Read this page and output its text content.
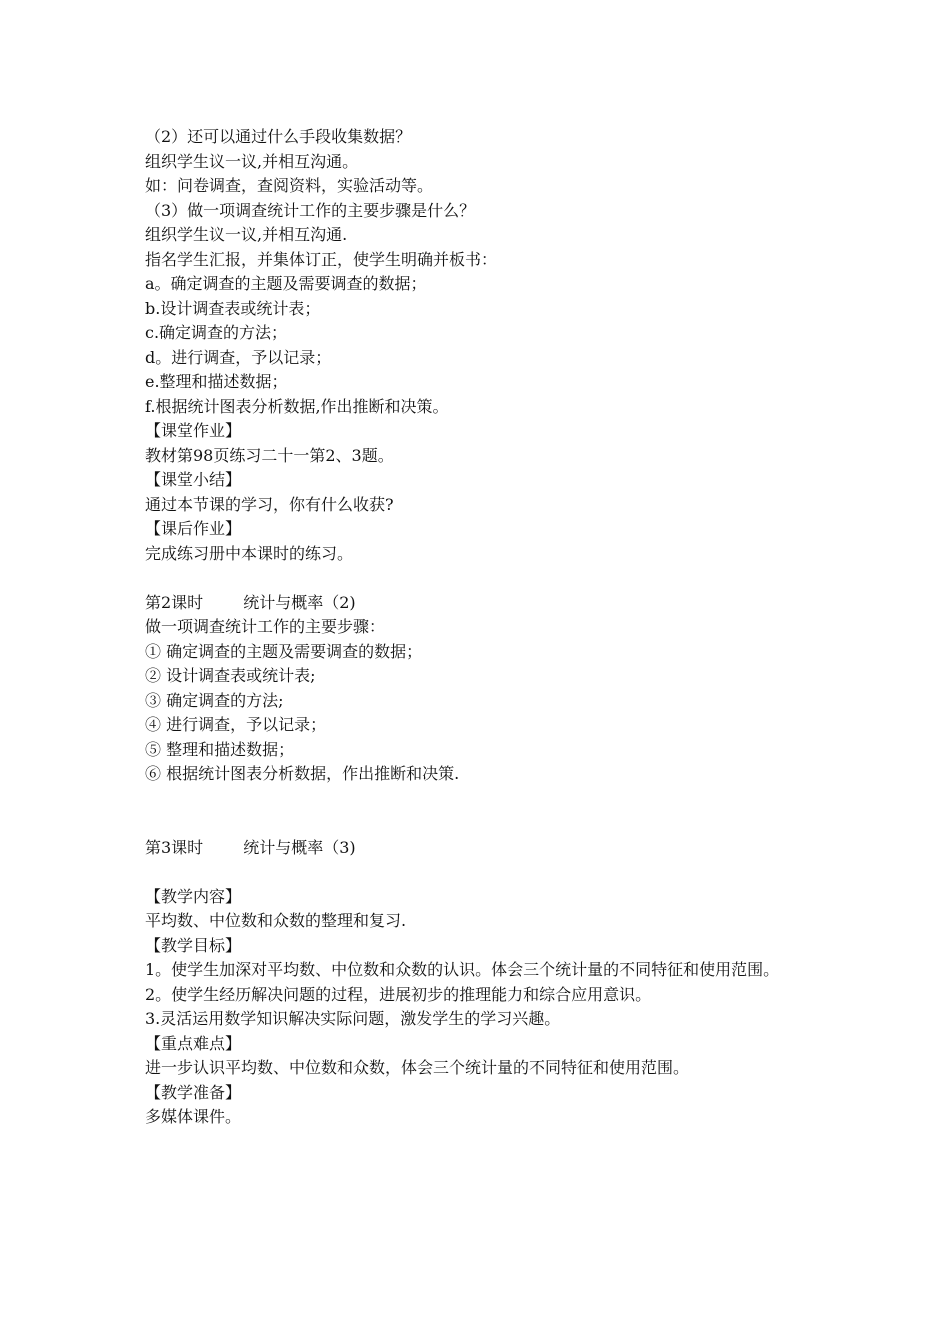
（2）还可以通过什么手段收集数据？
组织学生议一议,并相互沟通。
如：问卷调查，查阅资料，实验活动等。
（3）做一项调查统计工作的主要步骤是什么？
组织学生议一议,并相互沟通.
指名学生汇报，并集体订正，使学生明确并板书：
a。确定调查的主题及需要调查的数据；
b.设计调查表或统计表；
c.确定调查的方法；
d。进行调查，予以记录；
e.整理和描述数据；
f.根据统计图表分析数据,作出推断和决策。
【课堂作业】
教材第98页练习二十一第2、3题。
【课堂小结】
通过本节课的学习，你有什么收获?
【课后作业】
完成练习册中本课时的练习。
第2课时	统计与概率（2)
做一项调查统计工作的主要步骤：
① 确定调查的主题及需要调查的数据；
② 设计调查表或统计表;
③ 确定调查的方法;
④ 进行调查，予以记录；
⑤ 整理和描述数据；
⑥ 根据统计图表分析数据，作出推断和决策.
第3课时	统计与概率（3)
【教学内容】
平均数、中位数和众数的整理和复习.
【教学目标】
1。使学生加深对平均数、中位数和众数的认识。体会三个统计量的不同特征和使用范围。
2。使学生经历解决问题的过程，进展初步的推理能力和综合应用意识。
3.灵活运用数学知识解决实际问题，激发学生的学习兴趣。
【重点难点】
进一步认识平均数、中位数和众数，体会三个统计量的不同特征和使用范围。
【教学准备】
多媒体课件。
